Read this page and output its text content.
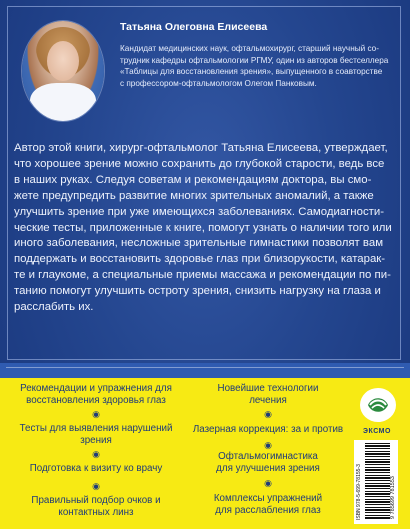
Татьяна Олеговна Елисеева
Кандидат медицинских наук, офтальмохирург, старший научный со-
трудник кафедры офтальмологии РГМУ, один из авторов бестселлера
«Таблицы для восстановления зрения», выпущенного в соавторстве
с профессором-офтальмологом Олегом Панковым.
Автор этой книги, хирург-офтальмолог Татьяна Елисеева, утверждает,
что хорошее зрение можно сохранить до глубокой старости, ведь все
в наших руках. Следуя советам и рекомендациям доктора, вы смо-
жете предупредить развитие многих зрительных аномалий, а также
улучшить зрение при уже имеющихся заболеваниях. Самодиагности-
ческие тесты, приложенные к книге, помогут узнать о наличии того или
иного заболевания, несложные зрительные гимнастики позволят вам
поддержать и восстановить здоровье глаз при близорукости, катарак-
те и глаукоме, а специальные приемы массажа и рекомендации по пи-
танию помогут улучшить остроту зрения, снизить нагрузку на глаза и
расслабить их.
Рекомендации и упражнения для
восстановления здоровья глаз
◉
Тесты для выявления нарушений
зрения
◉
Подготовка к визиту ко врачу
◉
Правильный подбор очков и
контактных линз
Новейшие технологии
лечения
◉
Лазерная коррекция: за и против
◉
Офтальмогимнастика
для улучшения зрения
◉
Комплексы упражнений
для расслабления глаз
ЭКСМО
ISBN 978-5-699-78155-3	9 785699 781553
